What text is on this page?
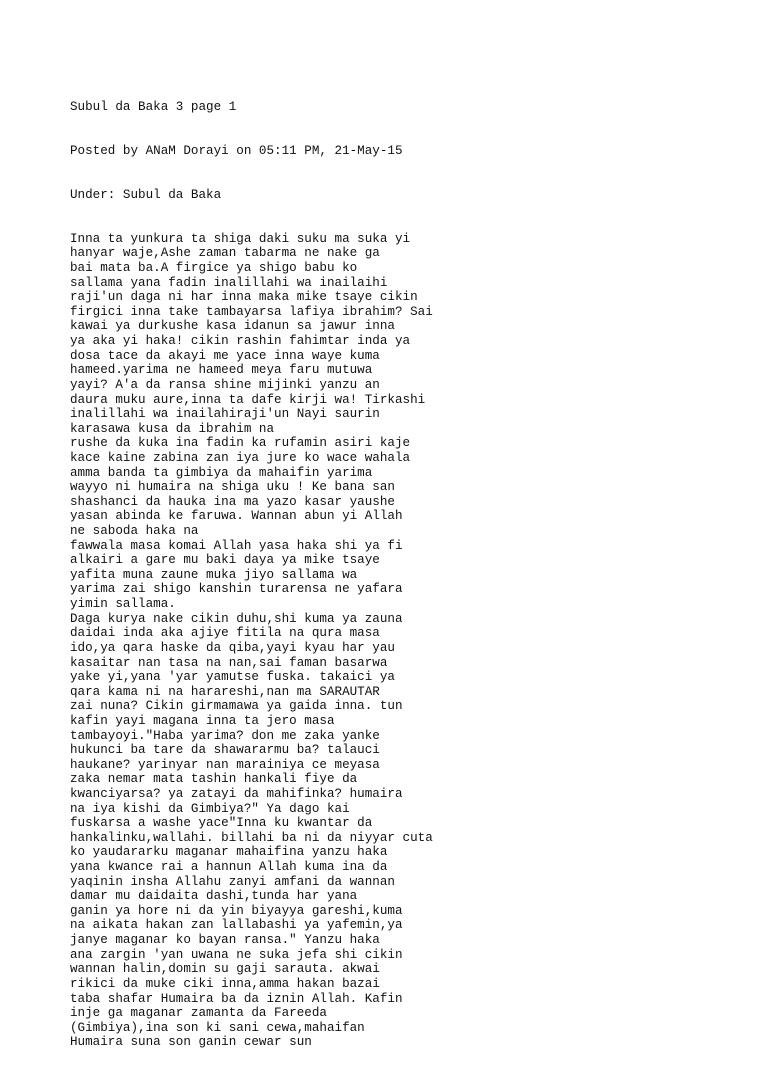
Subul da Baka 3 page 1

Posted by ANaM Dorayi on 05:11 PM, 21-May-15

Under: Subul da Baka

Inna ta yunkura ta shiga daki suku ma suka yi
hanyar waje,Ashe zaman tabarma ne nake ga
bai mata ba.A firgice ya shigo babu ko
sallama yana fadin inalillahi wa inailaihi
raji'un daga ni har inna maka mike tsaye cikin
firgici inna take tambayarsa lafiya ibrahim? Sai
kawai ya durkushe kasa idanun sa jawur inna
ya aka yi haka! cikin rashin fahimtar inda ya
dosa tace da akayi me yace inna waye kuma
hameed.yarima ne hameed meya faru mutuwa
yayi? A'a da ransa shine mijinki yanzu an
daura muku aure,inna ta dafe kirji wa! Tirkashi
inalillahi wa inailahiraji'un Nayi saurin
karasawa kusa da ibrahim na
rushe da kuka ina fadin ka rufamin asiri kaje
kace kaine zabina zan iya jure ko wace wahala
amma banda ta gimbiya da mahaifin yarima
wayyo ni humaira na shiga uku ! Ke bana san
shashanci da hauka ina ma yazo kasar yaushe
yasan abinda ke faruwa. Wannan abun yi Allah
ne saboda haka na
fawwala masa komai Allah yasa haka shi ya fi
alkairi a gare mu baki daya ya mike tsaye
yafita muna zaune muka jiyo sallama wa
yarima zai shigo kanshin turarensa ne yafara
yimin sallama.
Daga kurya nake cikin duhu,shi kuma ya zauna
daidai inda aka ajiye fitila na qura masa
ido,ya qara haske da qiba,yayi kyau har yau
kasaitar nan tasa na nan,sai faman basarwa
yake yi,yana 'yar yamutse fuska. takaici ya
qara kama ni na harareshi,nan ma SARAUTAR
zai nuna? Cikin girmamawa ya gaida inna. tun
kafin yayi magana inna ta jero masa
tambayoyi."Haba yarima? don me zaka yanke
hukunci ba tare da shawararmu ba? talauci
haukane? yarinyar nan marainiya ce meyasa
zaka nemar mata tashin hankali fiye da
kwanciyarsa? ya zatayi da mahifinka? humaira
na iya kishi da Gimbiya?" Ya dago kai
fuskarsa a washe yace"Inna ku kwantar da
hankalinku,wallahi. billahi ba ni da niyyar cuta
ko yaudararku maganar mahaifina yanzu haka
yana kwance rai a hannun Allah kuma ina da
yaqinin insha Allahu zanyi amfani da wannan
damar mu daidaita dashi,tunda har yana
ganin ya hore ni da yin biyayya gareshi,kuma
na aikata hakan zan lallabashi ya yafemin,ya
janye maganar ko bayan ransa." Yanzu haka
ana zargin 'yan uwana ne suka jefa shi cikin
wannan halin,domin su gaji sarauta. akwai
rikici da muke ciki inna,amma hakan bazai
taba shafar Humaira ba da iznin Allah. Kafin
inje ga maganar zamanta da Fareeda
(Gimbiya),ina son ki sani cewa,mahaifan
Humaira suna son ganin cewar sun
